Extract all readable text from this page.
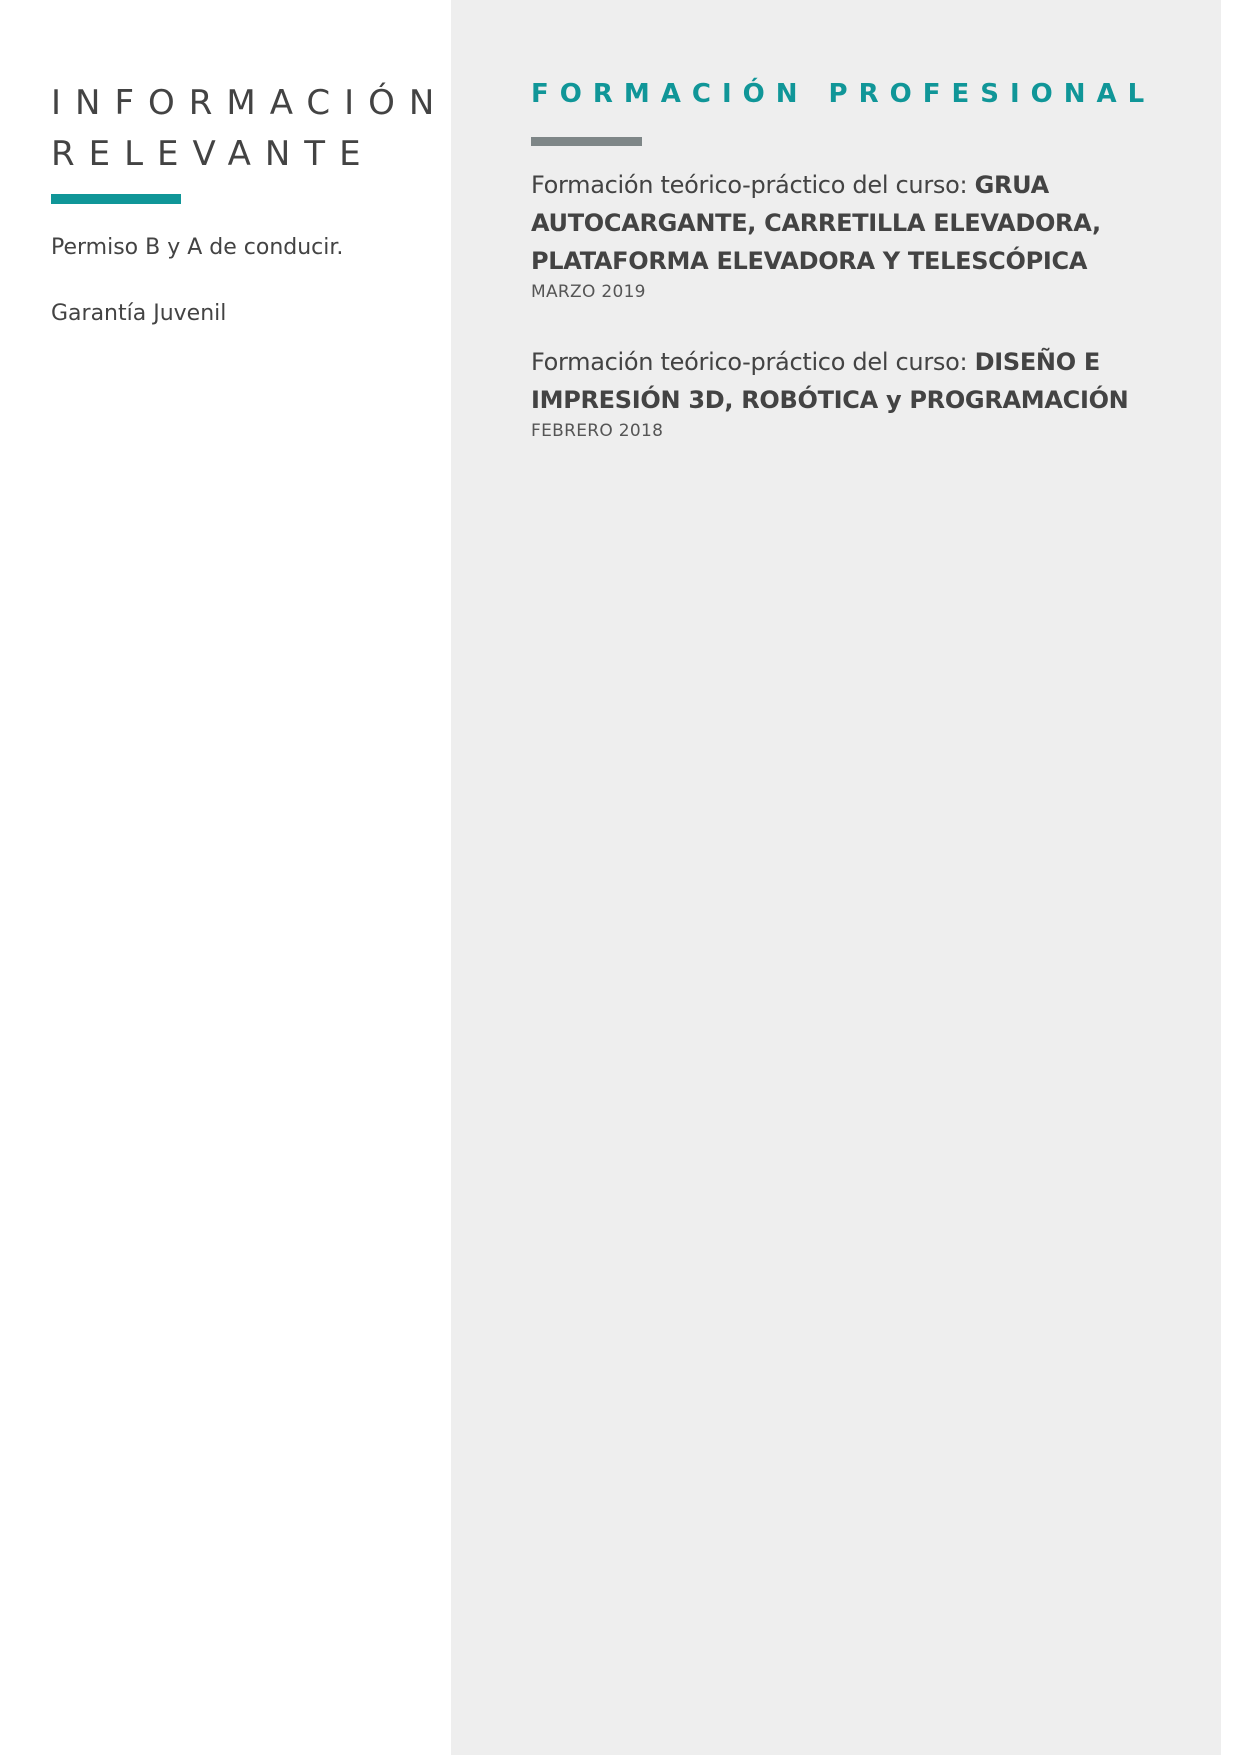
INFORMACIÓN
RELEVANTE

Permiso B y A de conducir.

Garantía Juvenil

FORMACIÓN PROFESIONAL

Formación teórico-práctico del curso: GRUA AUTOCARGANTE, CARRETILLA ELEVADORA, PLATAFORMA ELEVADORA Y TELESCÓPICA

MARZO 2019

Formación teórico-práctico del curso: DISEÑO E IMPRESIÓN 3D, ROBÓTICA y PROGRAMACIÓN

FEBRERO 2018
